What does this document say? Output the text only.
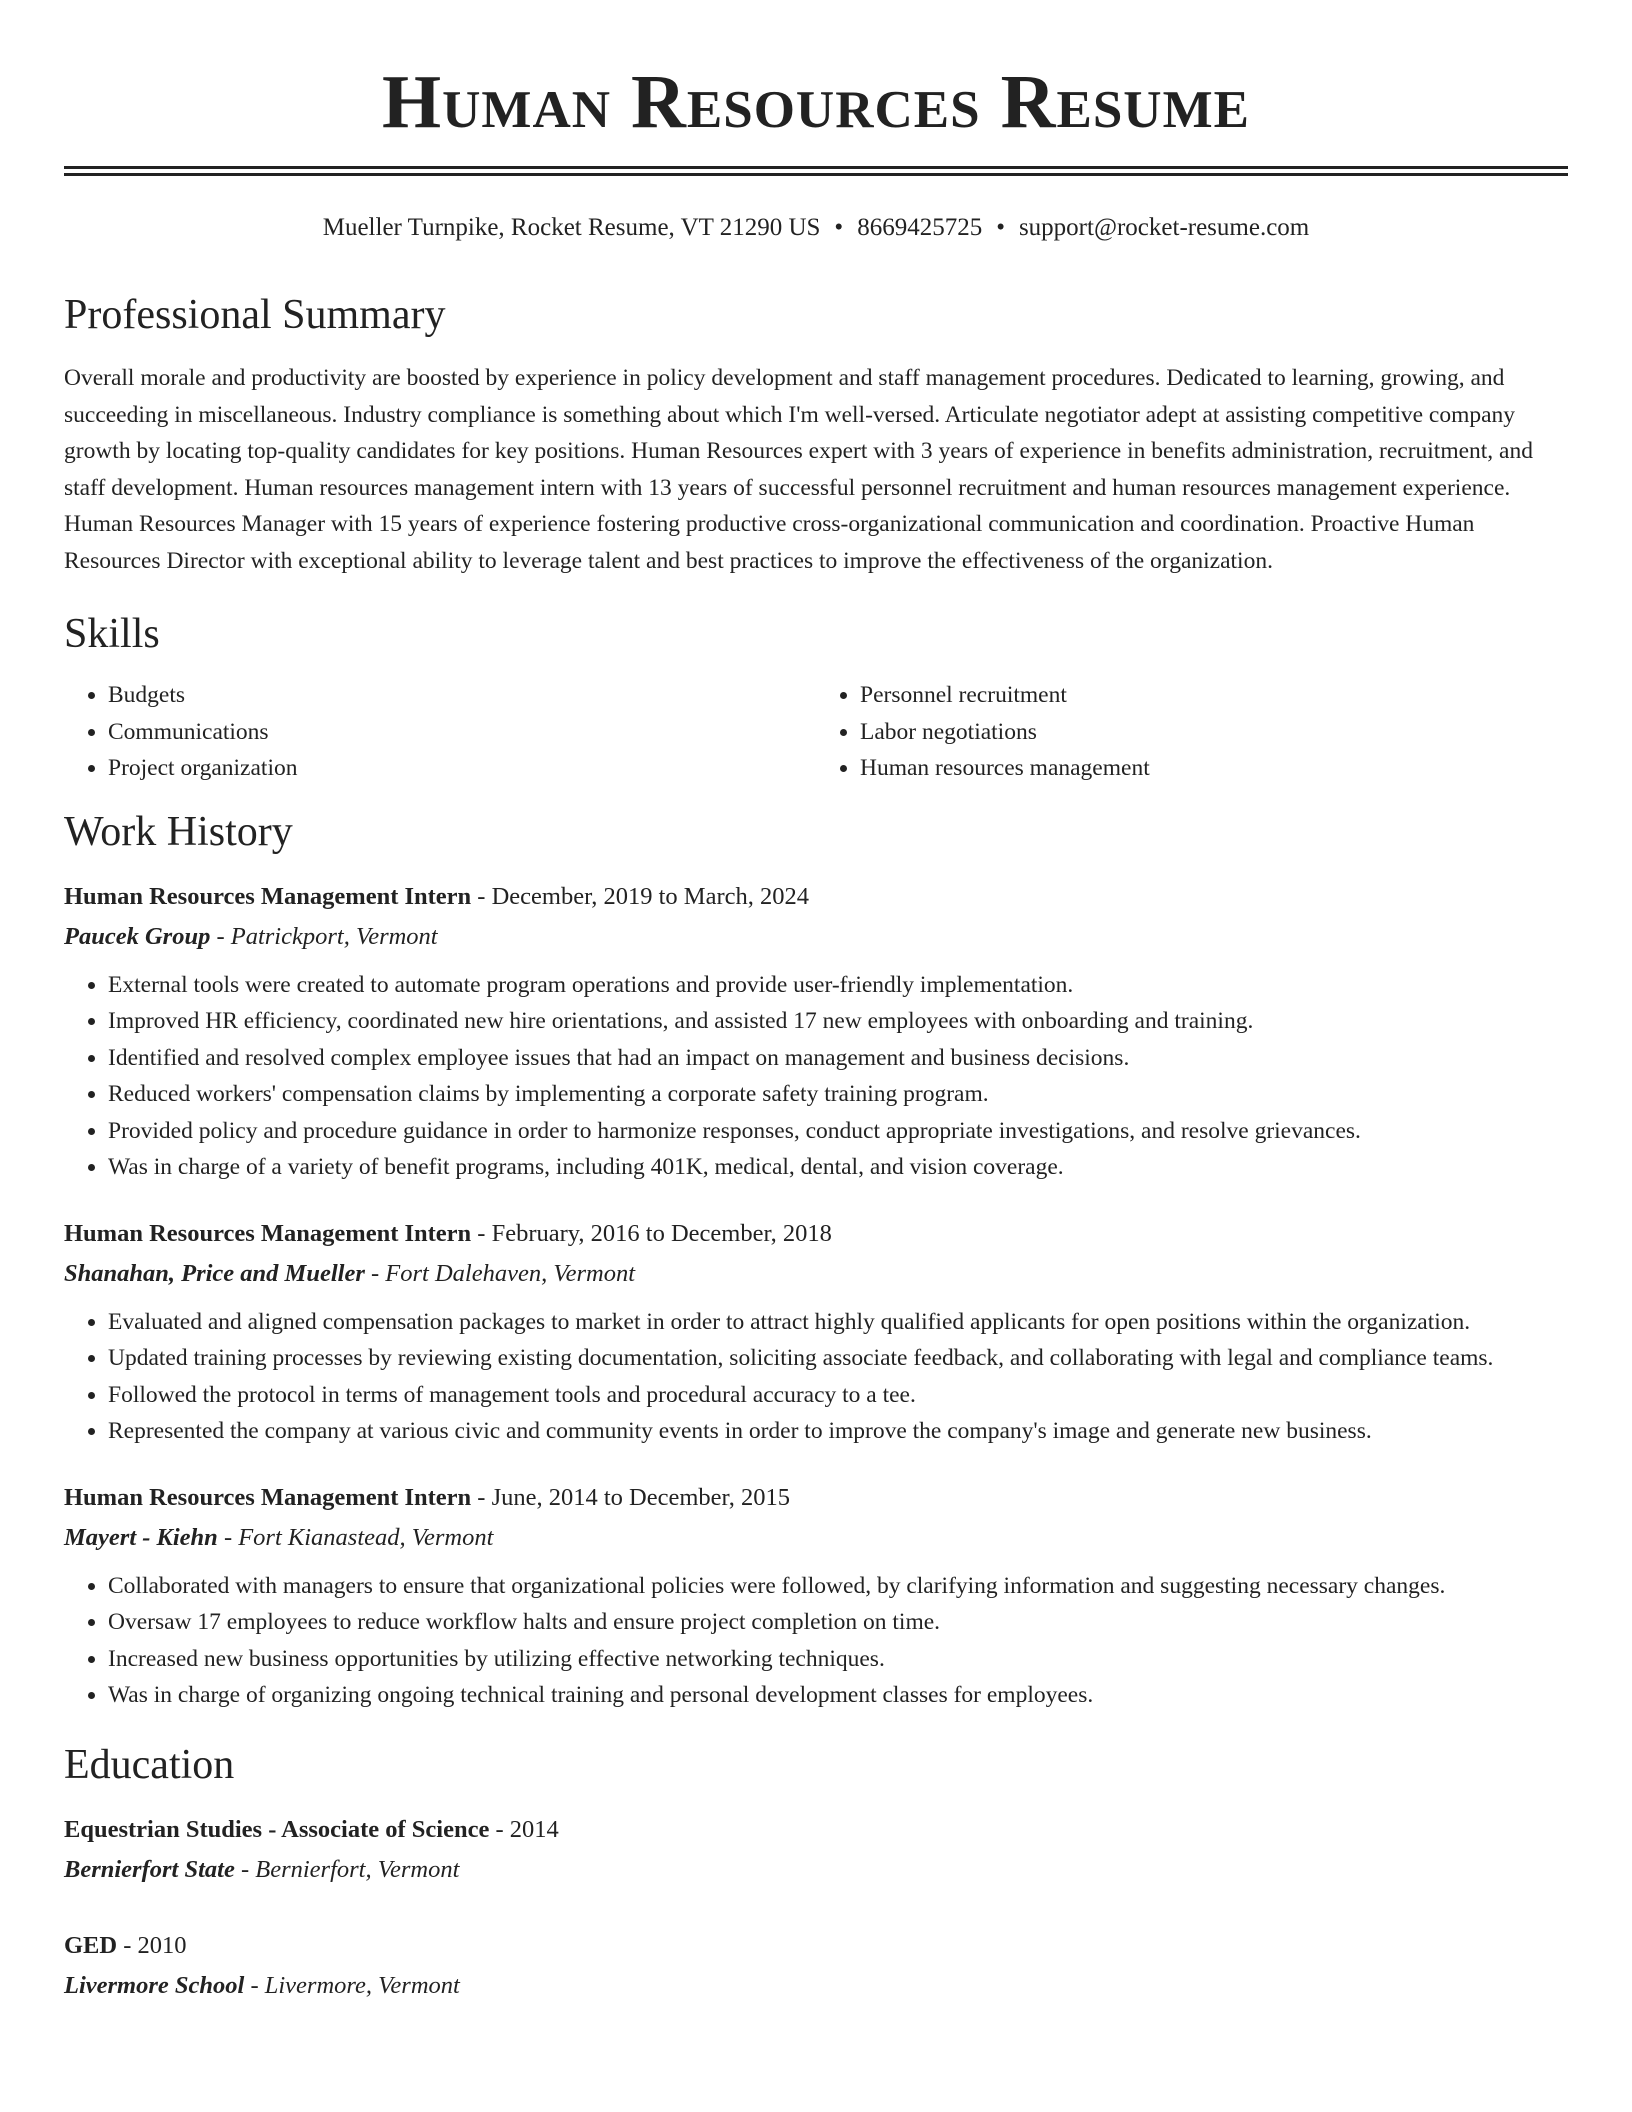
Human Resources Resume
Mueller Turnpike, Rocket Resume, VT 21290 US • 8669425725 • support@rocket-resume.com
Professional Summary

Overall morale and productivity are boosted by experience in policy development and staff management procedures. Dedicated to learning, growing, and succeeding in miscellaneous. Industry compliance is something about which I'm well-versed. Articulate negotiator adept at assisting competitive company growth by locating top-quality candidates for key positions. Human Resources expert with 3 years of experience in benefits administration, recruitment, and staff development. Human resources management intern with 13 years of successful personnel recruitment and human resources management experience. Human Resources Manager with 15 years of experience fostering productive cross-organizational communication and coordination. Proactive Human Resources Director with exceptional ability to leverage talent and best practices to improve the effectiveness of the organization.

Skills
• Budgets
• Communications
• Project organization
• Personnel recruitment
• Labor negotiations
• Human resources management
Work History
Human Resources Management Intern - December, 2019 to March, 2024
Paucek Group - Patrickport, Vermont
• External tools were created to automate program operations and provide user-friendly implementation.
• Improved HR efficiency, coordinated new hire orientations, and assisted 17 new employees with onboarding and training.
• Identified and resolved complex employee issues that had an impact on management and business decisions.
• Reduced workers' compensation claims by implementing a corporate safety training program.
• Provided policy and procedure guidance in order to harmonize responses, conduct appropriate investigations, and resolve grievances.
• Was in charge of a variety of benefit programs, including 401K, medical, dental, and vision coverage.
Human Resources Management Intern - February, 2016 to December, 2018
Shanahan, Price and Mueller - Fort Dalehaven, Vermont
• Evaluated and aligned compensation packages to market in order to attract highly qualified applicants for open positions within the organization.
• Updated training processes by reviewing existing documentation, soliciting associate feedback, and collaborating with legal and compliance teams.
• Followed the protocol in terms of management tools and procedural accuracy to a tee.
• Represented the company at various civic and community events in order to improve the company's image and generate new business.
Human Resources Management Intern - June, 2014 to December, 2015
Mayert - Kiehn - Fort Kianastead, Vermont
• Collaborated with managers to ensure that organizational policies were followed, by clarifying information and suggesting necessary changes.
• Oversaw 17 employees to reduce workflow halts and ensure project completion on time.
• Increased new business opportunities by utilizing effective networking techniques.
• Was in charge of organizing ongoing technical training and personal development classes for employees.
Education
Equestrian Studies - Associate of Science - 2014
Bernierfort State - Bernierfort, Vermont
GED - 2010
Livermore School - Livermore, Vermont
